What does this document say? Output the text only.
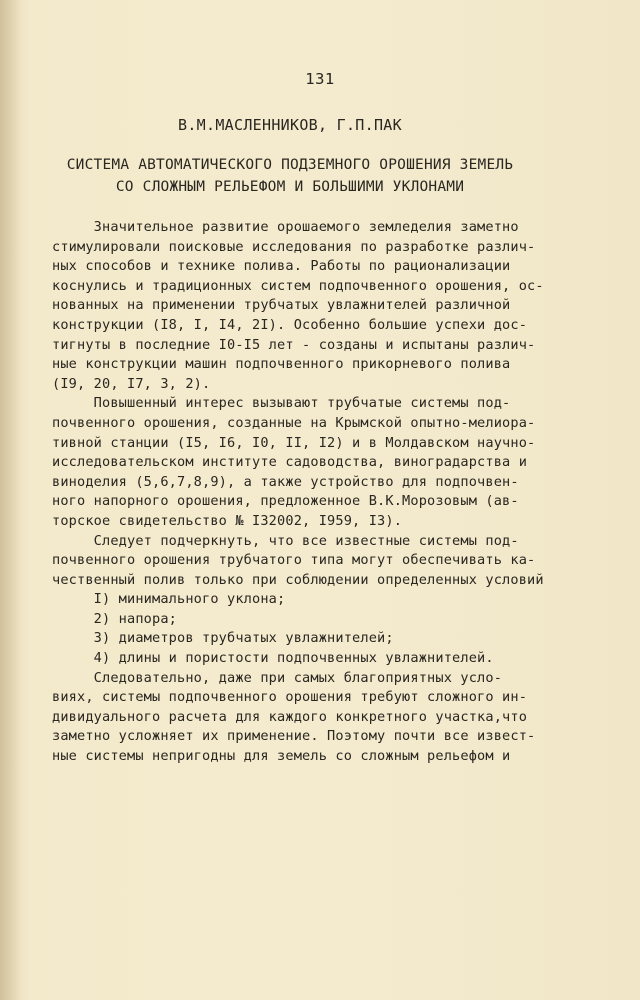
131
В.М.МАСЛЕННИКОВ, Г.П.ПАК
СИСТЕМА АВТОМАТИЧЕСКОГО ПОДЗЕМНОГО ОРОШЕНИЯ ЗЕМЕЛЬ
СО СЛОЖНЫМ РЕЛЬЕФОМ И БОЛЬШИМИ УКЛОНАМИ
Значительное развитие орошаемого земледелия заметно
стимулировали поисковые исследования по разработке различ-
ных способов и технике полива. Работы по рационализации
коснулись и традиционных систем подпочвенного орошения, ос-
нованных на применении трубчатых увлажнителей различной
конструкции (I8, I, I4, 2I). Особенно большие успехи дос-
тигнуты в последние I0-I5 лет - созданы и испытаны различ-
ные конструкции машин подпочвенного прикорневого полива
(I9, 20, I7, 3, 2).
Повышенный интерес вызывают трубчатые системы под-
почвенного орошения, созданные на Крымской опытно-мелиора-
тивной станции (I5, I6, I0, II, I2) и в Молдавском научно-
исследовательском институте садоводства, виноградарства и
виноделия (5,6,7,8,9), а также устройство для подпочвен-
ного напорного орошения, предложенное В.К.Морозовым (ав-
торское свидетельство № I32002, I959, I3).
Следует подчеркнуть, что все известные системы под-
почвенного орошения трубчатого типа могут обеспечивать ка-
чественный полив только при соблюдении определенных условий
I) минимального уклона;
2) напора;
3) диаметров трубчатых увлажнителей;
4) длины и пористости подпочвенных увлажнителей.
Следовательно, даже при самых благоприятных усло-
виях, системы подпочвенного орошения требуют сложного ин-
дивидуального расчета для каждого конкретного участка,что
заметно усложняет их применение. Поэтому почти все извест-
ные системы непригодны для земель со сложным рельефом и
